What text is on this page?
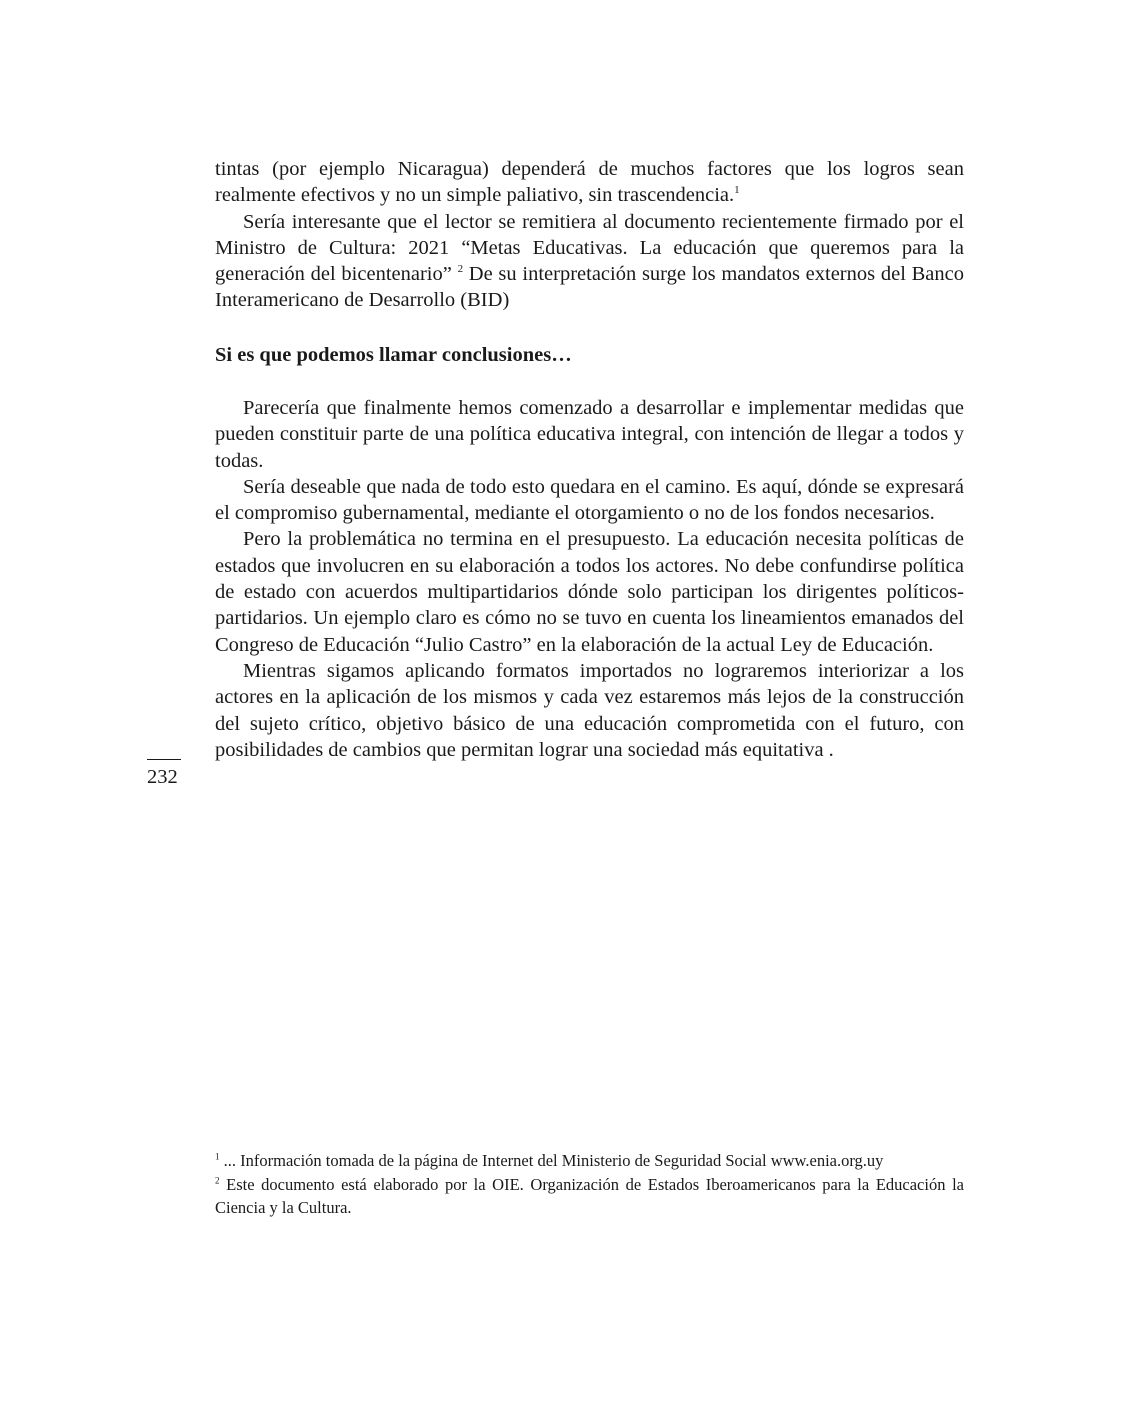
tintas (por ejemplo Nicaragua) dependerá de muchos factores que los logros sean realmente efectivos y no un simple paliativo, sin trascendencia.$^1$

Sería interesante que el lector se remitiera al documento recientemente firmado por el Ministro de Cultura: 2021 “Metas Educativas. La educación que queremos para la generación del bicentenario” $^2$ De su interpretación surge los mandatos externos del Banco Interamericano de Desarrollo (BID)

Si es que podemos llamar conclusiones…

Parecería que finalmente hemos comenzado a desarrollar e implementar medidas que pueden constituir parte de una política educativa integral, con intención de llegar a todos y todas.

Sería deseable que nada de todo esto quedara en el camino. Es aquí, dónde se expresará el compromiso gubernamental, mediante el otorgamiento o no de los fondos necesarios.

Pero la problemática no termina en el presupuesto. La educación necesita políticas de estados que involucren en su elaboración a todos los actores. No debe confundirse política de estado con acuerdos multipartidarios dónde solo participan los dirigentes políticos-partidarios. Un ejemplo claro es cómo no se tuvo en cuenta los lineamientos emanados del Congreso de Educación “Julio Castro” en la elaboración de la actual Ley de Educación.

Mientras sigamos aplicando formatos importados no lograremos interiorizar a los actores en la aplicación de los mismos y cada vez estaremos más lejos de la construcción del sujeto crítico, objetivo básico de una educación comprometida con el futuro, con posibilidades de cambios que permitan lograr una sociedad más equitativa .

232

$^1$ ... Información tomada de la página de Internet del Ministerio de Seguridad Social www.enia.org.uy

$^2$ Este documento está elaborado por la OIE. Organización de Estados Iberoamericanos para la Educación la Ciencia y la Cultura.
